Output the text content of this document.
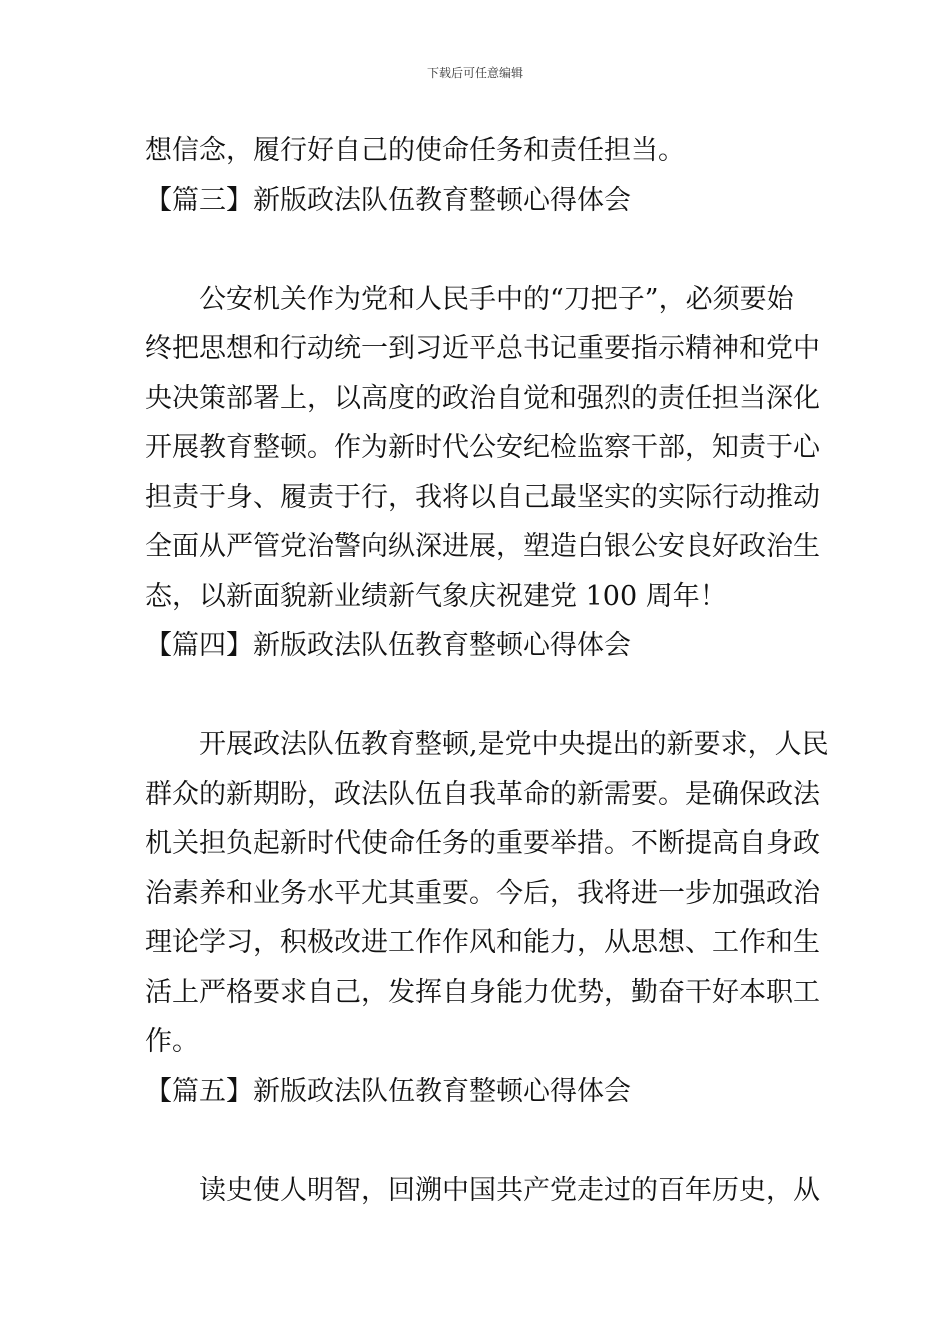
下载后可任意编辑
想信念，履行好自己的使命任务和责任担当。
【篇三】新版政法队伍教育整顿心得体会
　　公安机关作为党和人民手中的“刀把子”，必须要始
终把思想和行动统一到习近平总书记重要指示精神和党中
央决策部署上，以高度的政治自觉和强烈的责任担当深化
开展教育整顿。作为新时代公安纪检监察干部，知责于心
担责于身、履责于行，我将以自己最坚实的实际行动推动
全面从严管党治警向纵深进展，塑造白银公安良好政治生
态，以新面貌新业绩新气象庆祝建党 100 周年！
【篇四】新版政法队伍教育整顿心得体会
　　开展政法队伍教育整顿,是党中央提出的新要求，人民
群众的新期盼，政法队伍自我革命的新需要。是确保政法
机关担负起新时代使命任务的重要举措。不断提高自身政
治素养和业务水平尤其重要。今后，我将进一步加强政治
理论学习，积极改进工作作风和能力，从思想、工作和生
活上严格要求自己，发挥自身能力优势，勤奋干好本职工
作。
【篇五】新版政法队伍教育整顿心得体会
　　读史使人明智，回溯中国共产党走过的百年历史，从
